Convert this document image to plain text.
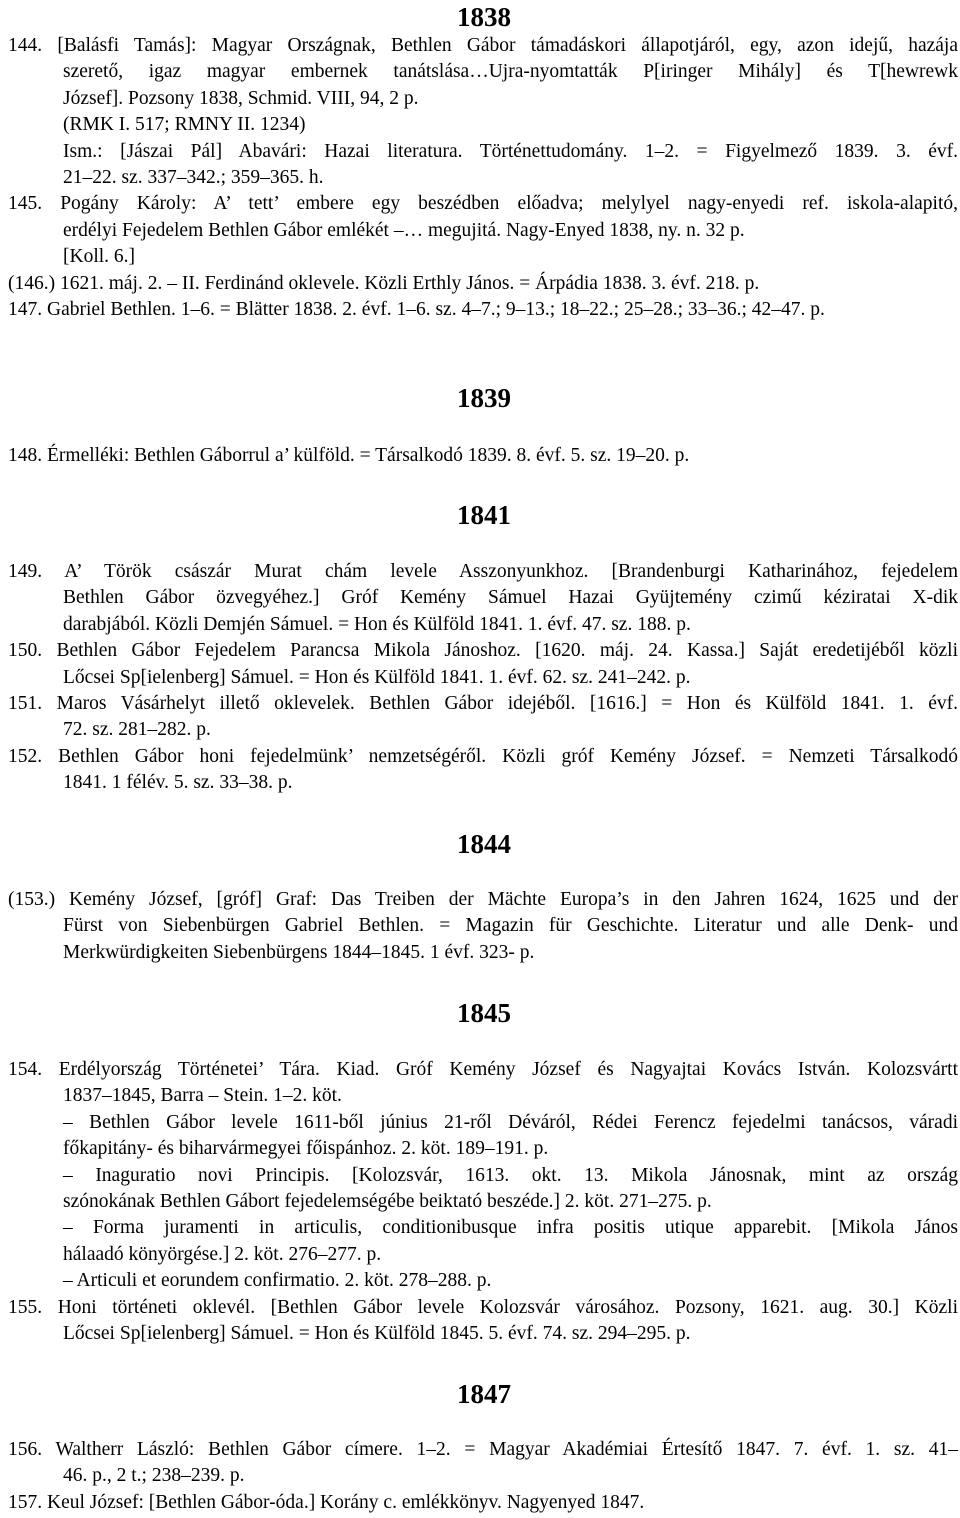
1838
144. [Balásfi Tamás]: Magyar Országnak, Bethlen Gábor támadáskori állapotjáról, egy, azon idejű, hazája
szerető, igaz magyar embernek tanátslása…Ujra-nyomtatták P[iringer Mihály] és T[hewrewk
József]. Pozsony 1838, Schmid. VIII, 94, 2 p.
(RMK I. 517; RMNY II. 1234)
Ism.: [Jászai Pál] Abavári: Hazai literatura. Történettudomány. 1‒2. = Figyelmező 1839. 3. évf.
21‒22. sz. 337‒342.; 359‒365. h.
145. Pogány Károly: A’ tett’ embere egy beszédben előadva; melylyel nagy-enyedi ref. iskola-alapitó,
erdélyi Fejedelem Bethlen Gábor emlékét ‒… megujitá. Nagy-Enyed 1838, ny. n. 32 p.
[Koll. 6.]
(146.) 1621. máj. 2. ‒ II. Ferdinánd oklevele. Közli Erthly János. = Árpádia 1838. 3. évf. 218. p.
147. Gabriel Bethlen. 1‒6. = Blätter 1838. 2. évf. 1‒6. sz. 4‒7.; 9‒13.; 18‒22.; 25‒28.; 33‒36.; 42‒47. p.
1839
148. Érmelléki: Bethlen Gáborrul a’ külföld. = Társalkodó 1839. 8. évf. 5. sz. 19‒20. p.
1841
149. A’ Török császár Murat chám levele Asszonyunkhoz. [Brandenburgi Katharinához, fejedelem
Bethlen Gábor özvegyéhez.] Gróf Kemény Sámuel Hazai Gyüjtemény czimű kéziratai X-dik
darabjából. Közli Demjén Sámuel. = Hon és Külföld 1841. 1. évf. 47. sz. 188. p.
150. Bethlen Gábor Fejedelem Parancsa Mikola Jánoshoz. [1620. máj. 24. Kassa.] Saját eredetijéből közli
Lőcsei Sp[ielenberg] Sámuel. = Hon és Külföld 1841. 1. évf. 62. sz. 241‒242. p.
151. Maros Vásárhelyt illető oklevelek. Bethlen Gábor idejéből. [1616.] = Hon és Külföld 1841. 1. évf.
72. sz. 281‒282. p.
152. Bethlen Gábor honi fejedelmünk’ nemzetségéről. Közli gróf Kemény József. = Nemzeti Társalkodó
1841. 1 félév. 5. sz. 33‒38. p.
1844
(153.) Kemény József, [gróf] Graf: Das Treiben der Mächte Europa’s in den Jahren 1624, 1625 und der
Fürst von Siebenbürgen Gabriel Bethlen. = Magazin für Geschichte. Literatur und alle Denk- und
Merkwürdigkeiten Siebenbürgens 1844‒1845. 1 évf. 323- p.
1845
154. Erdélyország Történetei’ Tára. Kiad. Gróf Kemény József és Nagyajtai Kovács István. Kolozsvártt
1837‒1845, Barra ‒ Stein. 1‒2. köt.
‒ Bethlen Gábor levele 1611-ből június 21-ről Déváról, Rédei Ferencz fejedelmi tanácsos, váradi
főkapitány- és biharvármegyei főispánhoz. 2. köt. 189‒191. p.
‒ Inaguratio novi Principis. [Kolozsvár, 1613. okt. 13. Mikola Jánosnak, mint az ország
szónokának Bethlen Gábort fejedelemségébe beiktató beszéde.] 2. köt. 271‒275. p.
‒ Forma juramenti in articulis, conditionibusque infra positis utique apparebit. [Mikola János
hálaadó könyörgése.] 2. köt. 276‒277. p.
‒ Articuli et eorundem confirmatio. 2. köt. 278‒288. p.
155. Honi történeti oklevél. [Bethlen Gábor levele Kolozsvár városához. Pozsony, 1621. aug. 30.] Közli
Lőcsei Sp[ielenberg] Sámuel. = Hon és Külföld 1845. 5. évf. 74. sz. 294‒295. p.
1847
156. Waltherr László: Bethlen Gábor címere. 1‒2. = Magyar Akadémiai Értesítő 1847. 7. évf. 1. sz. 41‒
46. p., 2 t.; 238‒239. p.
157. Keul József: [Bethlen Gábor-óda.] Korány c. emlékkönyv. Nagyenyed 1847.
